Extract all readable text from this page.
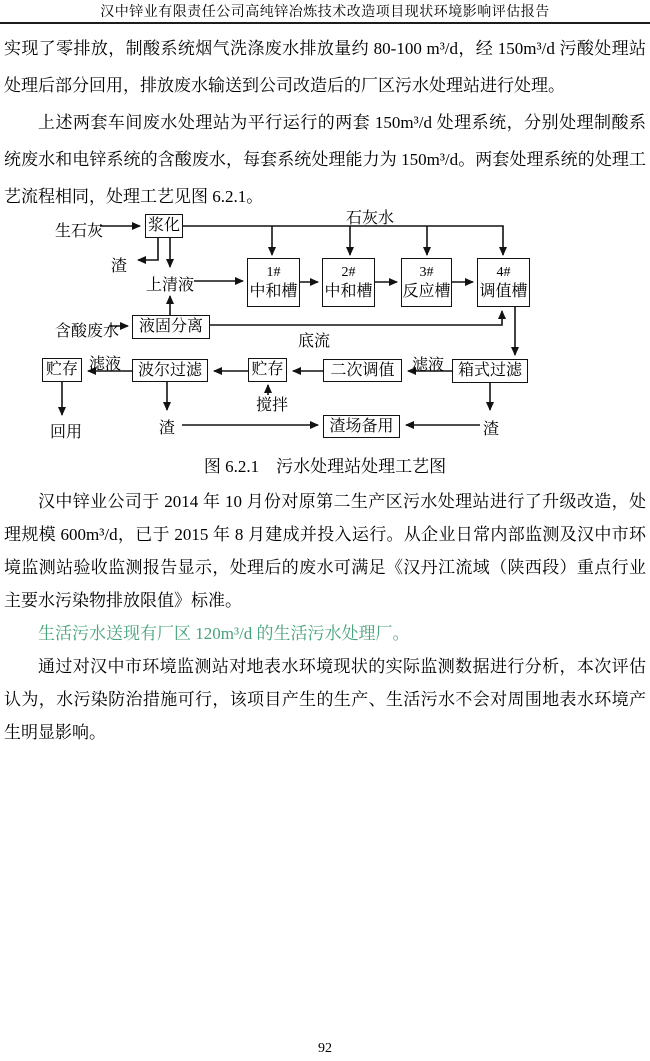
汉中锌业有限责任公司高纯锌冶炼技术改造项目现状环境影响评估报告

实现了零排放，制酸系统烟气洗涤废水排放量约 80-100 m³/d，经 150m³/d 污酸处理站处理后部分回用，排放废水输送到公司改造后的厂区污水处理站进行处理。

上述两套车间废水处理站为平行运行的两套 150m³/d 处理系统，分别处理制酸系统废水和电锌系统的含酸废水，每套系统处理能力为 150m³/d。两套处理系统的处理工艺流程相同，处理工艺见图 6.2.1。

浆化
1#
中和槽
2#
中和槽
3#
反应槽
4#
调值槽
液固分离
贮存	波尔过滤	贮存	二次调值	箱式过滤
渣场备用
石灰水
生石灰
渣
上清液
含酸废水
底流
滤液	滤液
搅拌
回用	渣	渣
图 6.2.1　污水处理站处理工艺图

汉中锌业公司于 2014 年 10 月份对原第二生产区污水处理站进行了升级改造，处理规模 600m³/d，已于 2015 年 8 月建成并投入运行。从企业日常内部监测及汉中市环境监测站验收监测报告显示，处理后的废水可满足《汉丹江流域（陕西段）重点行业主要水污染物排放限值》标准。

生活污水送现有厂区 120m³/d 的生活污水处理厂。

通过对汉中市环境监测站对地表水环境现状的实际监测数据进行分析，本次评估认为，水污染防治措施可行，该项目产生的生产、生活污水不会对周围地表水环境产生明显影响。

92
